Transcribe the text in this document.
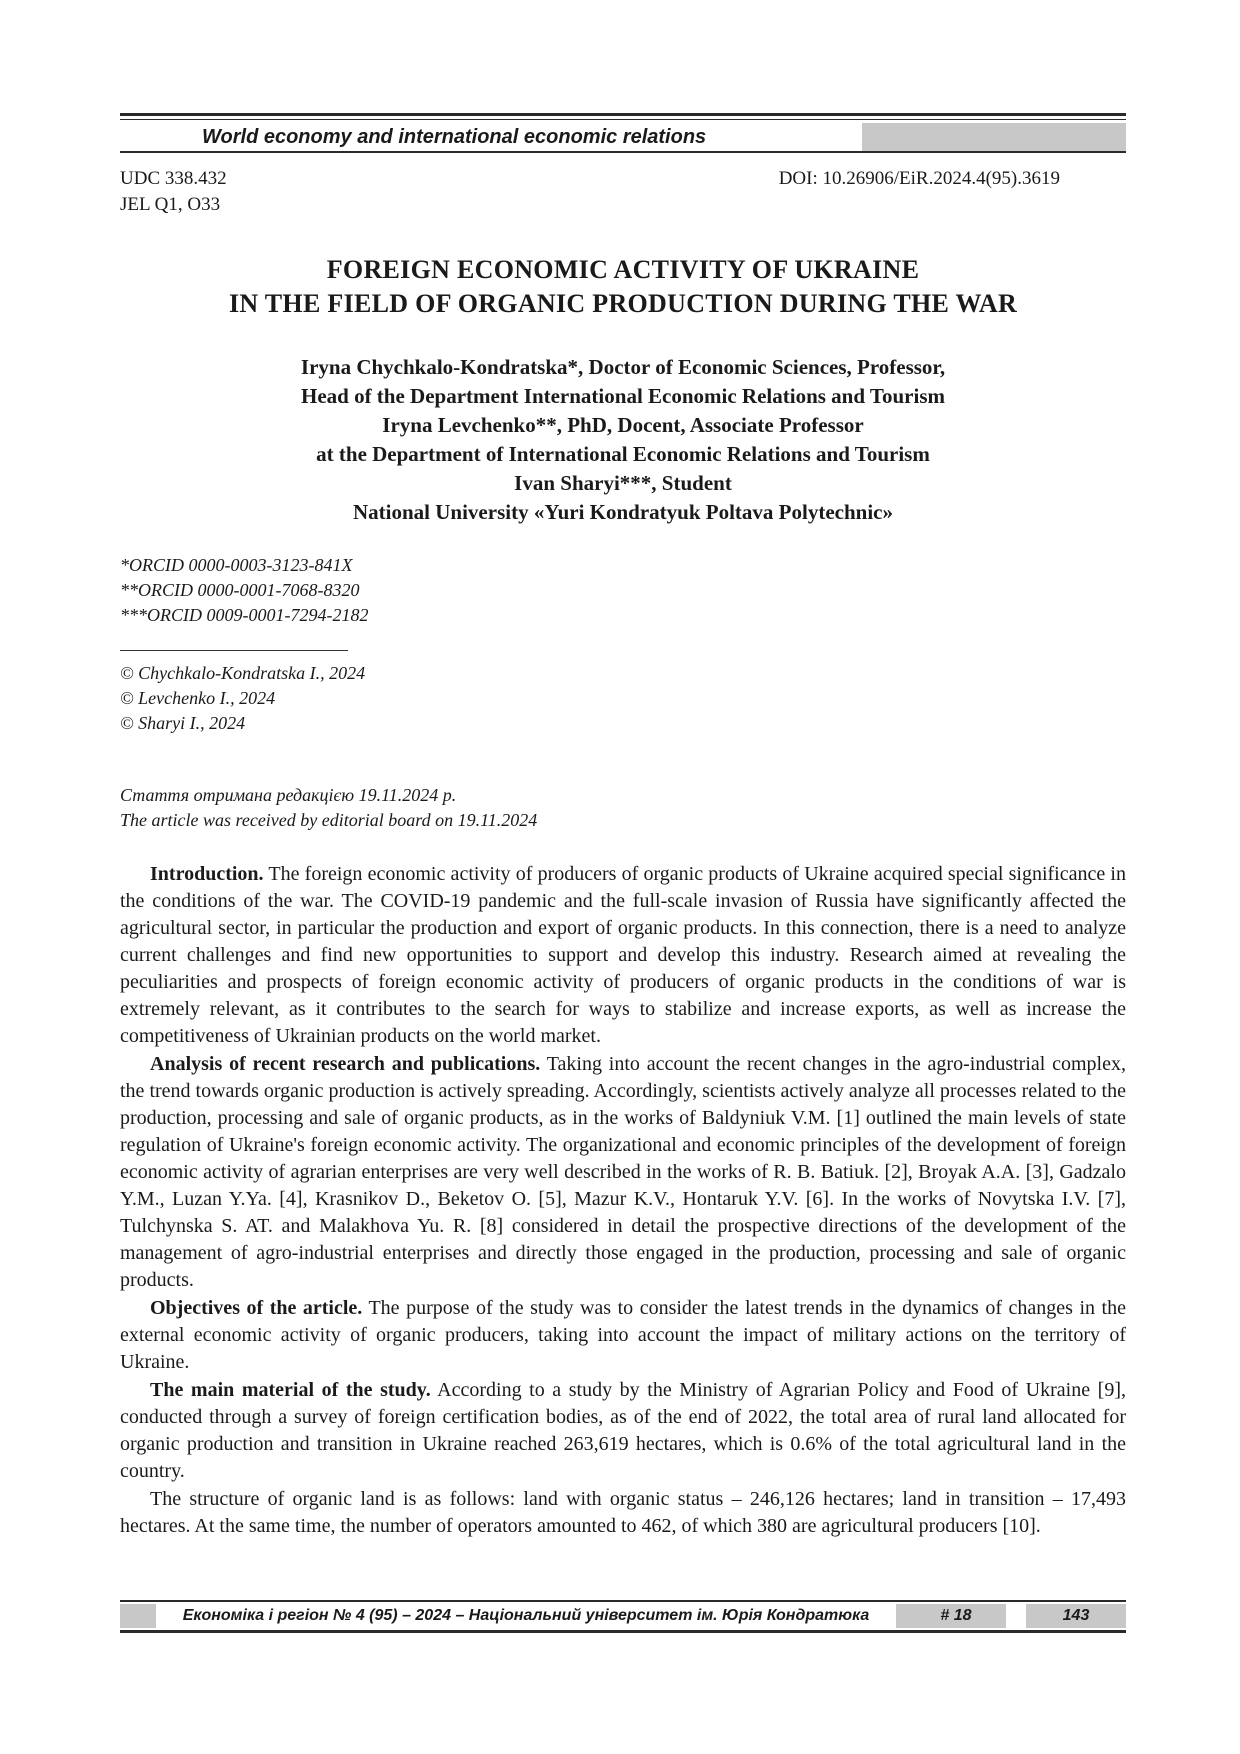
World economy and international economic relations
UDC 338.432
JEL Q1, O33
DOI: 10.26906/EiR.2024.4(95).3619
FOREIGN ECONOMIC ACTIVITY OF UKRAINE
IN THE FIELD OF ORGANIC PRODUCTION DURING THE WAR
Iryna Chychkalo-Kondratska*, Doctor of Economic Sciences, Professor,
Head of the Department International Economic Relations and Tourism
Iryna Levchenko**, PhD, Docent, Associate Professor
at the Department of International Economic Relations and Tourism
Ivan Sharyi***, Student
National University «Yuri Kondratyuk Poltava Polytechnic»
*ORCID 0000-0003-3123-841X
**ORCID 0000-0001-7068-8320
***ORCID 0009-0001-7294-2182
© Chychkalo-Kondratska I., 2024
© Levchenko I., 2024
© Sharyi I., 2024
Стаття отримана редакцією 19.11.2024 р.
The article was received by editorial board on 19.11.2024

Introduction. The foreign economic activity of producers of organic products of Ukraine acquired special significance in the conditions of the war. The COVID-19 pandemic and the full-scale invasion of Russia have significantly affected the agricultural sector, in particular the production and export of organic products. In this connection, there is a need to analyze current challenges and find new opportunities to support and develop this industry. Research aimed at revealing the peculiarities and prospects of foreign economic activity of producers of organic products in the conditions of war is extremely relevant, as it contributes to the search for ways to stabilize and increase exports, as well as increase the competitiveness of Ukrainian products on the world market.

Analysis of recent research and publications. Taking into account the recent changes in the agro-industrial complex, the trend towards organic production is actively spreading. Accordingly, scientists actively analyze all processes related to the production, processing and sale of organic products, as in the works of Baldyniuk V.M. [1] outlined the main levels of state regulation of Ukraine's foreign economic activity. The organizational and economic principles of the development of foreign economic activity of agrarian enterprises are very well described in the works of R. B. Batiuk. [2], Broyak A.A. [3], Gadzalo Y.M., Luzan Y.Ya. [4], Krasnikov D., Beketov O. [5], Mazur K.V., Hontaruk Y.V. [6]. In the works of Novytska I.V. [7], Tulchynska S. AT. and Malakhova Yu. R. [8] considered in detail the prospective directions of the development of the management of agro-industrial enterprises and directly those engaged in the production, processing and sale of organic products.

Objectives of the article. The purpose of the study was to consider the latest trends in the dynamics of changes in the external economic activity of organic producers, taking into account the impact of military actions on the territory of Ukraine.

The main material of the study. According to a study by the Ministry of Agrarian Policy and Food of Ukraine [9], conducted through a survey of foreign certification bodies, as of the end of 2022, the total area of rural land allocated for organic production and transition in Ukraine reached 263,619 hectares, which is 0.6% of the total agricultural land in the country.

The structure of organic land is as follows: land with organic status – 246,126 hectares; land in transition – 17,493 hectares. At the same time, the number of operators amounted to 462, of which 380 are agricultural producers [10].

Економіка і регіон № 4 (95) – 2024 – Національний університет ім. Юрія Кондратюка	# 18	143
